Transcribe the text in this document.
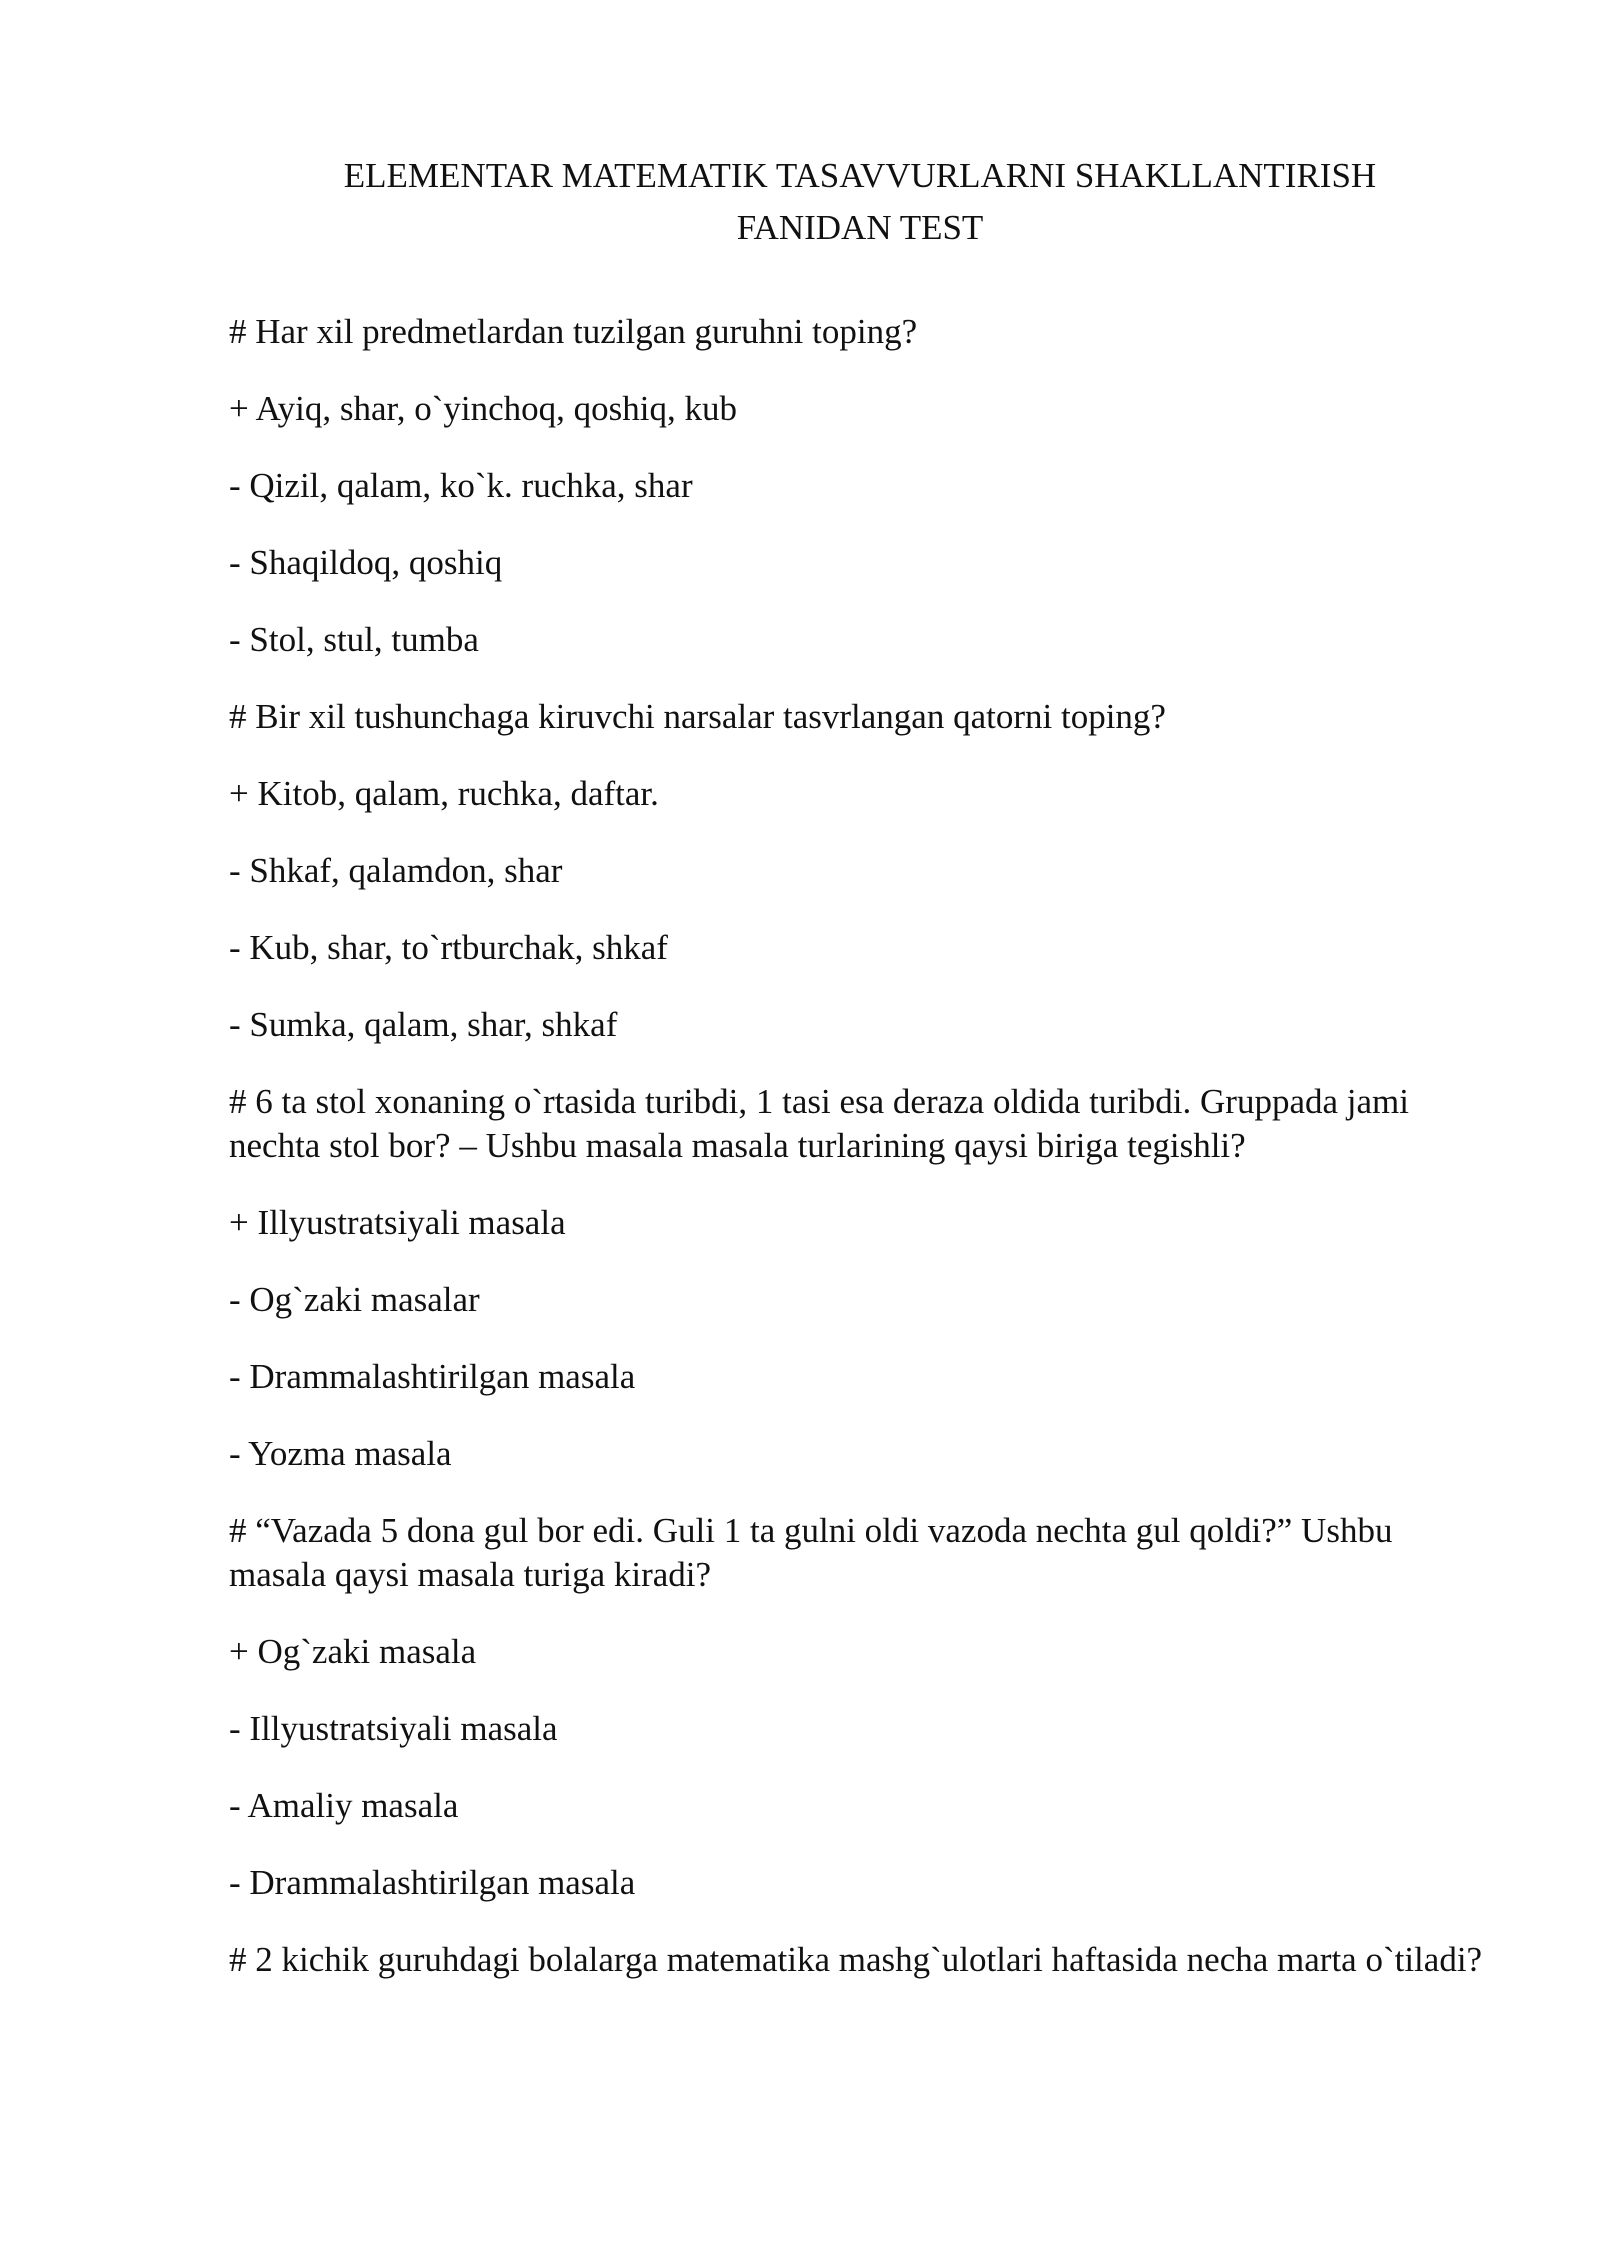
ELEMENTAR MATEMATIK TASAVVURLARNI SHAKLLANTIRISH
FANIDAN TEST

# Har xil predmetlardan tuzilgan guruhni toping?

+ Ayiq, shar, o`yinchoq, qoshiq, kub

- Qizil, qalam, ko`k. ruchka, shar

- Shaqildoq, qoshiq

- Stol, stul, tumba

# Bir xil tushunchaga kiruvchi narsalar tasvrlangan qatorni toping?

+ Kitob, qalam, ruchka, daftar.

- Shkaf, qalamdon, shar

- Kub, shar, to`rtburchak, shkaf

- Sumka, qalam, shar, shkaf

# 6 ta stol xonaning o`rtasida turibdi, 1 tasi esa deraza oldida turibdi. Gruppada jami nechta stol bor? – Ushbu masala masala turlarining qaysi biriga tegishli?

+ Illyustratsiyali masala

- Og`zaki masalar

- Drammalashtirilgan masala

- Yozma masala

# “Vazada 5 dona gul bor edi. Guli 1 ta gulni oldi vazoda nechta gul qoldi?” Ushbu masala qaysi masala turiga kiradi?

+ Og`zaki masala

- Illyustratsiyali masala

- Amaliy masala

- Drammalashtirilgan masala

# 2 kichik guruhdagi bolalarga matematika mashg`ulotlari haftasida necha marta o`tiladi?
